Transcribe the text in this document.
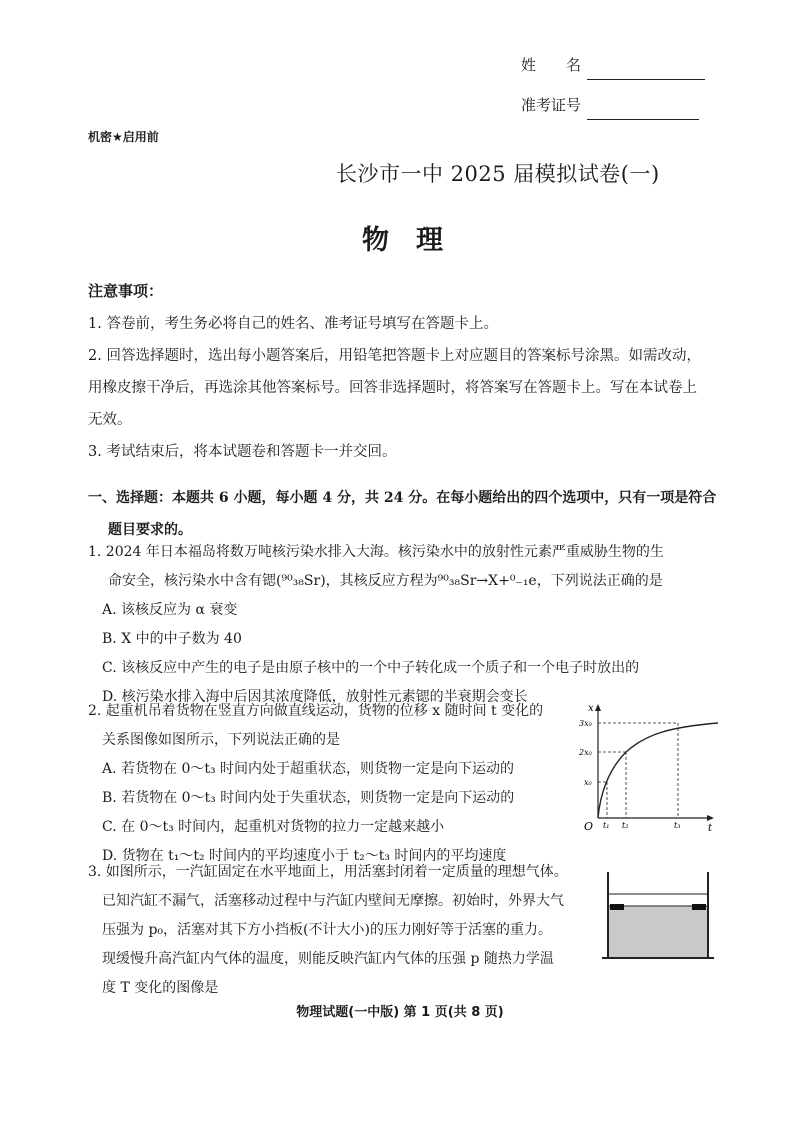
姓　　名
准考证号
机密★启用前
长沙市一中 2025 届模拟试卷(一)
物　理
注意事项：
1. 答卷前，考生务必将自己的姓名、准考证号填写在答题卡上。
2. 回答选择题时，选出每小题答案后，用铅笔把答题卡上对应题目的答案标号涂黑。如需改动，
用橡皮擦干净后，再选涂其他答案标号。回答非选择题时，将答案写在答题卡上。写在本试卷上
无效。
3. 考试结束后，将本试题卷和答题卡一并交回。
一、选择题：本题共 6 小题，每小题 4 分，共 24 分。在每小题给出的四个选项中，只有一项是符合
题目要求的。
1. 2024 年日本福岛将数万吨核污染水排入大海。核污染水中的放射性元素严重威胁生物的生
命安全，核污染水中含有锶(⁹⁰₃₈Sr)，其核反应方程为⁹⁰₃₈Sr→X+⁰₋₁e，下列说法正确的是
A. 该核反应为 α 衰变
B. X 中的中子数为 40
C. 该核反应中产生的电子是由原子核中的一个中子转化成一个质子和一个电子时放出的
D. 核污染水排入海中后因其浓度降低，放射性元素锶的半衰期会变长
2. 起重机吊着货物在竖直方向做直线运动，货物的位移 x 随时间 t 变化的
关系图像如图所示，下列说法正确的是
A. 若货物在 0～t₃ 时间内处于超重状态，则货物一定是向下运动的
B. 若货物在 0～t₃ 时间内处于失重状态，则货物一定是向下运动的
C. 在 0～t₃ 时间内，起重机对货物的拉力一定越来越小
D. 货物在 t₁～t₂ 时间内的平均速度小于 t₂～t₃ 时间内的平均速度
x
t
O
3x₀
2x₀
x₀
t₁ t₂	t₃
3. 如图所示，一汽缸固定在水平地面上，用活塞封闭着一定质量的理想气体。
已知汽缸不漏气，活塞移动过程中与汽缸内壁间无摩擦。初始时，外界大气
压强为 p₀，活塞对其下方小挡板(不计大小)的压力刚好等于活塞的重力。
现缓慢升高汽缸内气体的温度，则能反映汽缸内气体的压强 p 随热力学温
度 T 变化的图像是
物理试题(一中版) 第 1 页(共 8 页)
